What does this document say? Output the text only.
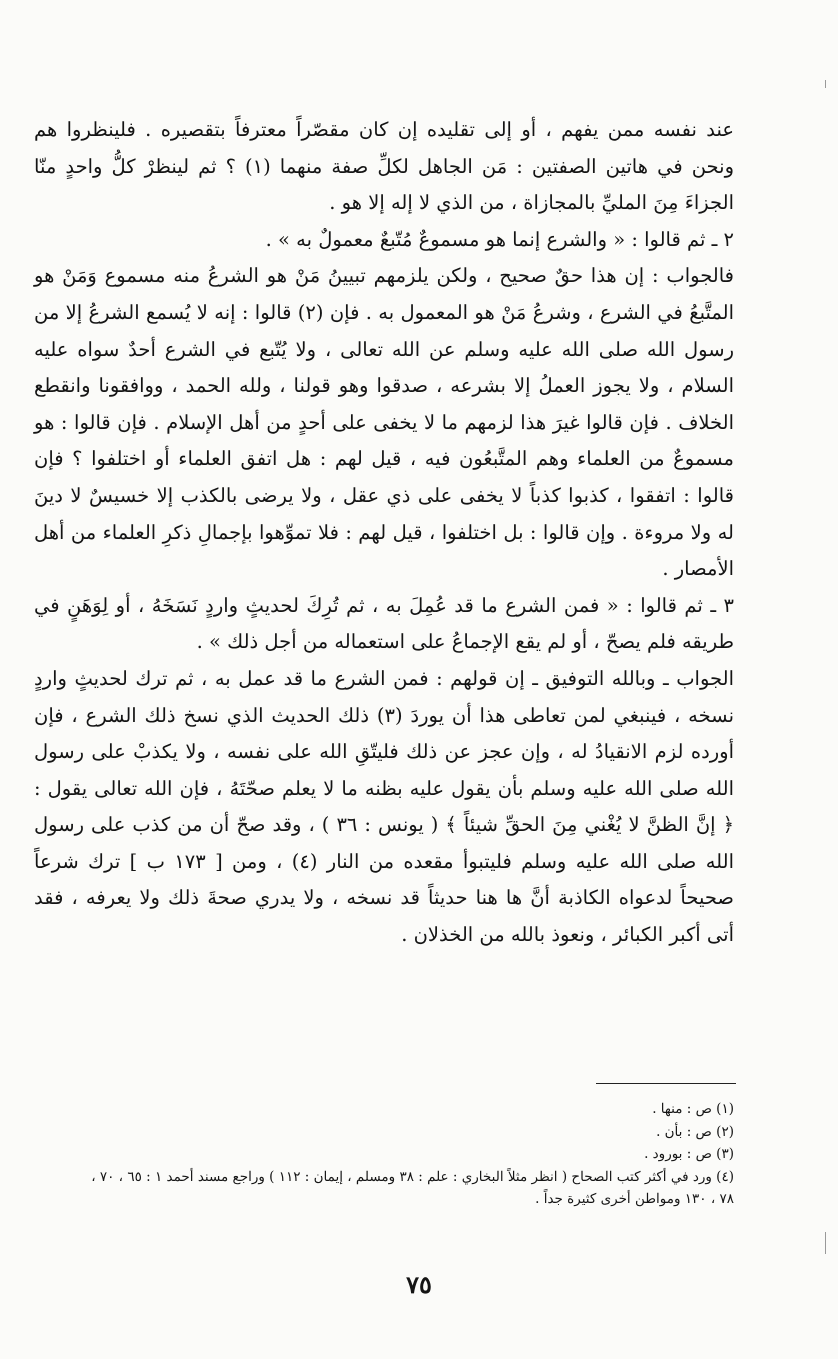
عند نفسه ممن يفهم ، أو إلى تقليده إن كان مقصّراً معترفاً بتقصيره . فلينظروا هم ونحن في هاتين الصفتين : مَن الجاهل لكلِّ صفة منهما (١) ؟ ثم لينظرْ كلُّ واحدٍ منّا الجزاءَ مِنَ المليِّ بالمجازاة ، من الذي لا إله إلا هو .

٢ ـ ثم قالوا : « والشرع إنما هو مسموعٌ مُتّبعٌ معمولٌ به » .

فالجواب : إن هذا حقٌ صحيح ، ولكن يلزمهم تبيينُ مَنْ هو الشرعُ منه مسموع وَمَنْ هو المتَّبعُ في الشرع ، وشرعُ مَنْ هو المعمول به . فإن (٢) قالوا : إنه لا يُسمع الشرعُ إلا من رسول الله صلى الله عليه وسلم عن الله تعالى ، ولا يُتّبع في الشرع أحدٌ سواه عليه السلام ، ولا يجوز العملُ إلا بشرعه ، صدقوا وهو قولنا ، ولله الحمد ، ووافقونا وانقطع الخلاف . فإن قالوا غيرَ هذا لزمهم ما لا يخفى على أحدٍ من أهل الإسلام . فإن قالوا : هو مسموعٌ من العلماء وهم المتَّبعُون فيه ، قيل لهم : هل اتفق العلماء أو اختلفوا ؟ فإن قالوا : اتفقوا ، كذبوا كذباً لا يخفى على ذي عقل ، ولا يرضى بالكذب إلا خسيسٌ لا دينَ له ولا مروءة . وإن قالوا : بل اختلفوا ، قيل لهم : فلا تموِّهوا بإجمالِ ذكرِ العلماء من أهل الأمصار .

٣ ـ ثم قالوا : « فمن الشرع ما قد عُمِلَ به ، ثم تُرِكَ لحديثٍ واردٍ نَسَخَهُ ، أو لِوَهَنٍ في طريقه فلم يصحّ ، أو لم يقع الإجماعُ على استعماله من أجل ذلك » .

الجواب ـ وبالله التوفيق ـ إن قولهم : فمن الشرع ما قد عمل به ، ثم ترك لحديثٍ واردٍ نسخه ، فينبغي لمن تعاطى هذا أن يوردَ (٣) ذلك الحديث الذي نسخ ذلك الشرع ، فإن أورده لزم الانقيادُ له ، وإن عجز عن ذلك فليتّقِ الله على نفسه ، ولا يكذبْ على رسول الله صلى الله عليه وسلم بأن يقول عليه بظنه ما لا يعلم صحّتَهُ ، فإن الله تعالى يقول : ﴿ إنَّ الظنَّ لا يُغْني مِنَ الحقِّ شيئاً ﴾ ( يونس : ٣٦ ) ، وقد صحّ أن من كذب على رسول الله صلى الله عليه وسلم فليتبوأ مقعده من النار (٤) ، ومن [ ١٧٣ ب ] ترك شرعاً صحيحاً لدعواه الكاذبة أنَّ ها هنا حديثاً قد نسخه ، ولا يدري صحةَ ذلك ولا يعرفه ، فقد أتى أكبر الكبائر ، ونعوذ بالله من الخذلان .

(١) ص : منها .

(٢) ص : بأن .

(٣) ص : بورود .

(٤) ورد في أكثر كتب الصحاح ( انظر مثلاً البخاري : علم : ٣٨ ومسلم ، إيمان : ١١٢ ) وراجع مسند أحمد ١ : ٦٥ ، ٧٠ ، ٧٨ ، ١٣٠ ومواطن أخرى كثيرة جداً .

٧٥
